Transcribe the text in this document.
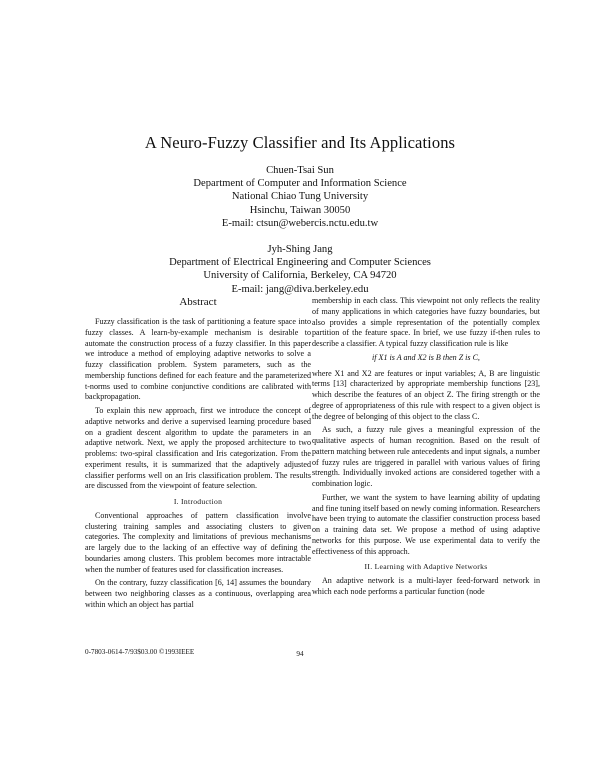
A Neuro-Fuzzy Classifier and Its Applications
Chuen-Tsai Sun
Department of Computer and Information Science
National Chiao Tung University
Hsinchu, Taiwan 30050
E-mail: ctsun@webercis.nctu.edu.tw
Jyh-Shing Jang
Department of Electrical Engineering and Computer Sciences
University of California, Berkeley, CA 94720
E-mail: jang@diva.berkeley.edu
Abstract

Fuzzy classification is the task of partitioning a feature space into fuzzy classes. A learn-by-example mechanism is desirable to automate the construction process of a fuzzy classifier. In this paper we introduce a method of employing adaptive networks to solve a fuzzy classification problem. System parameters, such as the membership functions defined for each feature and the parameterized t-norms used to combine conjunctive conditions are calibrated with backpropagation.

To explain this new approach, first we introduce the concept of adaptive networks and derive a supervised learning procedure based on a gradient descent algorithm to update the parameters in an adaptive network. Next, we apply the proposed architecture to two problems: two-spiral classification and Iris categorization. From the experiment results, it is summarized that the adaptively adjusted classifier performs well on an Iris classification problem. The results are discussed from the viewpoint of feature selection.

I. Introduction

Conventional approaches of pattern classification involve clustering training samples and associating clusters to given categories. The complexity and limitations of previous mechanisms are largely due to the lacking of an effective way of defining the boundaries among clusters. This problem becomes more intractable when the number of features used for classification increases.

On the contrary, fuzzy classification [6, 14] assumes the boundary between two neighboring classes as a continuous, overlapping area within which an object has partial

membership in each class. This viewpoint not only reflects the reality of many applications in which categories have fuzzy boundaries, but also provides a simple representation of the potentially complex partition of the feature space. In brief, we use fuzzy if-then rules to describe a classifier. A typical fuzzy classification rule is like

if X1 is A and X2 is B then Z is C,

where X1 and X2 are features or input variables; A, B are linguistic terms [13] characterized by appropriate membership functions [23], which describe the features of an object Z. The firing strength or the degree of appropriateness of this rule with respect to a given object is the degree of belonging of this object to the class C.

As such, a fuzzy rule gives a meaningful expression of the qualitative aspects of human recognition. Based on the result of pattern matching between rule antecedents and input signals, a number of fuzzy rules are triggered in parallel with various values of firing strength. Individually invoked actions are considered together with a combination logic.

Further, we want the system to have learning ability of updating and fine tuning itself based on newly coming information. Researchers have been trying to automate the classifier construction process based on a training data set. We propose a method of using adaptive networks for this purpose. We use experimental data to verify the effectiveness of this approach.

II. Learning with Adaptive Networks

An adaptive network is a multi-layer feed-forward network in which each node performs a particular function (node

0-7803-0614-7/93$03.00 ©1993IEEE	94
